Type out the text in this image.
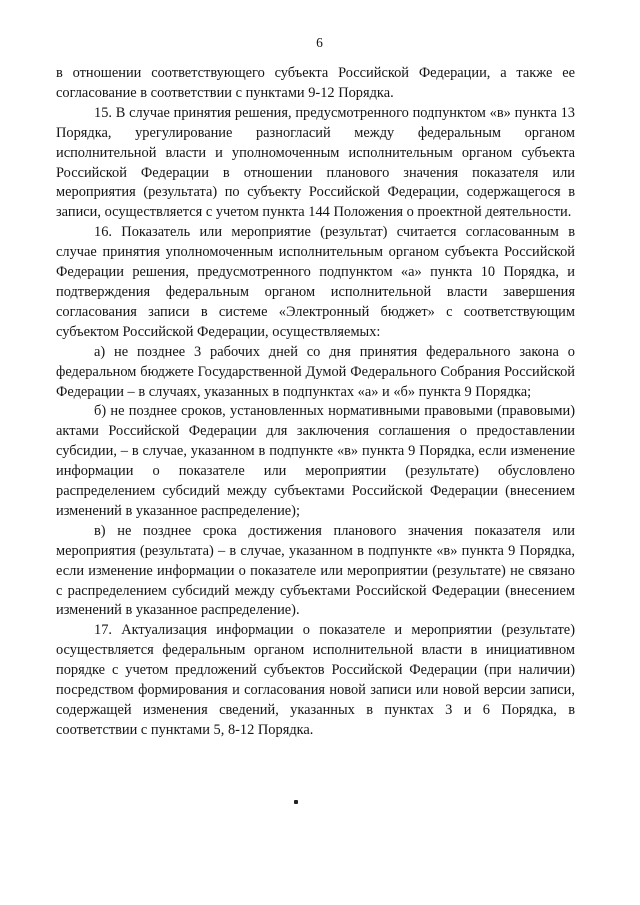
6

в отношении соответствующего субъекта Российской Федерации, а также ее согласование в соответствии с пунктами 9-12 Порядка.

15. В случае принятия решения, предусмотренного подпунктом «в» пункта 13 Порядка, урегулирование разногласий между федеральным органом исполнительной власти и уполномоченным исполнительным органом субъекта Российской Федерации в отношении планового значения показателя или мероприятия (результата) по субъекту Российской Федерации, содержащегося в записи, осуществляется с учетом пункта 144 Положения о проектной деятельности.

16. Показатель или мероприятие (результат) считается согласованным в случае принятия уполномоченным исполнительным органом субъекта Российской Федерации решения, предусмотренного подпунктом «а» пункта 10 Порядка, и подтверждения федеральным органом исполнительной власти завершения согласования записи в системе «Электронный бюджет» с соответствующим субъектом Российской Федерации, осуществляемых:

а) не позднее 3 рабочих дней со дня принятия федерального закона о федеральном бюджете Государственной Думой Федерального Собрания Российской Федерации – в случаях, указанных в подпунктах «а» и «б» пункта 9 Порядка;

б) не позднее сроков, установленных нормативными правовыми (правовыми) актами Российской Федерации для заключения соглашения о предоставлении субсидии, – в случае, указанном в подпункте «в» пункта 9 Порядка, если изменение информации о показателе или мероприятии (результате) обусловлено распределением субсидий между субъектами Российской Федерации (внесением изменений в указанное распределение);

в) не позднее срока достижения планового значения показателя или мероприятия (результата) – в случае, указанном в подпункте «в» пункта 9 Порядка, если изменение информации о показателе или мероприятии (результате) не связано с распределением субсидий между субъектами Российской Федерации (внесением изменений в указанное распределение).

17. Актуализация информации о показателе и мероприятии (результате) осуществляется федеральным органом исполнительной власти в инициативном порядке с учетом предложений субъектов Российской Федерации (при наличии) посредством формирования и согласования новой записи или новой версии записи, содержащей изменения сведений, указанных в пунктах 3 и 6 Порядка, в соответствии с пунктами 5, 8-12 Порядка.
